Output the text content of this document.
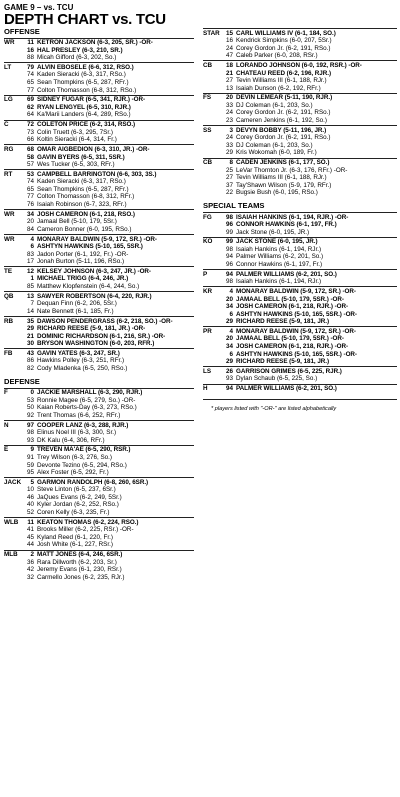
GAME 9 – vs. TCU
DEPTH CHART vs. TCU
OFFENSE
WR	11 KETRON JACKSON (6-3, 205, SR.) -OR-
16 HAL PRESLEY (6-3, 210, SR.)
88 Micah Gifford (6-3, 202, So.)
LT	79 ALVIN EBOSELE (6-6, 312, RSO.)
74 Kaden Sieracki (6-3, 317, RSo.)
65 Sean Thompkins (6-5, 287, RFr.)
77 Colton Thomasson (6-8, 312, RSo.)
LG	69 SIDNEY FUGAR (6-5, 341, RJR.) -OR-
62 RYAN LENGYEL (6-5, 310, RJR.)
64 Ka'Marii Landers (6-4, 289, RSo.)
C	72 COLETON PRICE (6-2, 314, RSO.)
73 Colin Truett (6-3, 295, 7Sr.)
66 Koltin Sieracki (6-4, 314, Fr.)
RG	68 OMAR AIGBEDION (6-3, 310, JR.) -OR-
58 GAVIN BYERS (6-5, 311, 5SR.)
57 Wes Tucker (6-5, 303, RFr.)
RT	53 CAMPBELL BARRINGTON (6-6, 303, 3S.)
74 Kaden Sieracki (6-3, 317, RSo.)
65 Sean Thompkins (6-5, 287, RFr.)
77 Colton Thomasson (6-8, 312, RFr.)
76 Isaiah Robinson (6-7, 323, RFr.)
WR	34 JOSH CAMERON (6-1, 218, RSO.)
20 Jamaal Bell (5-10, 179, 5Sr.)
84 Cameron Bonner (6-0, 195, RSo.)
WR	4 MONARAY BALDWIN (5-9, 172, SR.) -OR-
6 ASHTYN HAWKINS (5-10, 165, 5SR.)
83 Jadon Porter (6-1, 192, Fr.) -OR-
17 Jonah Burton (5-11, 196, RSo.)
TE	12 KELSEY JOHNSON (6-3, 247, JR.) -OR-
1 MICHAEL TRIGG (6-4, 246, JR.)
85 Matthew Klopfenstein (6-4, 244, So.)
QB	13 SAWYER ROBERTSON (6-4, 220, RJR.)
7 Dequan Finn (6-2, 206, 5Sr.)
14 Nate Bennett (6-1, 185, Fr.)
RB	35 DAWSON PENDERGRASS (6-2, 218, SO.) -OR-
29 RICHARD REESE (5-9, 181, JR.) -OR-
21 DOMINIC RICHARDSON (6-1, 216, SR.) -OR-
30 BRYSON WASHINGTON (6-0, 203, RFR.)
FB	43 GAVIN YATES (6-3, 247, SR.)
86 Hawkins Polley (6-3, 251, RFr.)
82 Cody Mladenka (6-5, 250, RSo.)
DEFENSE
F	0 JACKIE MARSHALL (6-3, 290, RJR.)
53 Ronnie Magee (6-5, 279, So.) -OR-
50 Kaian Roberts-Day (6-3, 273, RSo.)
92 Trent Thomas (6-6, 252, RFr.)
N	97 COOPER LANZ (6-3, 288, RJR.)
98 Elinus Noel III (6-3, 300, Sr.)
93 DK Kalu (6-4, 306, RFr.)
E	9 TREVEN MA'AE (6-5, 290, RSR.)
91 Trey Wilson (6-3, 276, So.)
59 Devonte Tezino (6-5, 294, RSo.)
95 Alex Foster (6-5, 292, Fr.)
JACK	5 GARMON RANDOLPH (6-8, 260, 6SR.)
10 Steve Linton (6-5, 237, 6Sr.)
46 JaQues Evans (6-2, 249, 5Sr.)
40 Kyler Jordan (6-2, 252, RSo.)
52 Coren Kelly (6-3, 235, Fr.)
WLB	11 KEATON THOMAS (6-2, 224, RSO.)
41 Brooks Miller (6-2, 225, RSr.) -OR-
45 Kyland Reed (6-1, 220, Fr.)
44 Josh White (6-1, 227, RSr.)
MLB	2 MATT JONES (6-4, 246, 6SR.)
36 Rara Dillworth (6-2, 203, Sr.)
42 Jeremy Evans (6-1, 230, RSr.)
32 Carmello Jones (6-2, 235, RJr.)
STAR 15 CARL WILLIAMS IV (6-1, 184, SO.)
16 Kendrick Simpkins (6-0, 207, 5Sr.)
24 Corey Gordon Jr. (6-2, 191, RSo.)
47 Caleb Parker (6-0, 208, RSr.)
CB	18 LORANDO JOHNSON (6-0, 192, RSR.) -OR-
21 CHATEAU REED (6-2, 196, RJR.)
27 Tevin Williams III (6-1, 188, RJr.)
13 Isaiah Dunson (6-2, 192, RFr.)
FS	20 DEVIN LEMEAR (5-11, 190, RJR.)
33 DJ Coleman (6-1, 203, So.)
24 Corey Gordon Jr. (6-2, 191, RSo.)
23 Cameren Jenkins (6-1, 192, So.)
SS	3 DEVYN BOBBY (5-11, 196, JR.)
24 Corey Gordon Jr. (6-2, 191, RSo.)
33 DJ Coleman (6-1, 203, So.)
29 Kris Wokomah (6-0, 189, Fr.)
CB	8 CADEN JENKINS (6-1, 177, SO.)
25 LeVar Thornton Jr. (6-3, 176, RFr.) -OR-
27 Tevin Williams III (6-1, 188, RJr.)
37 Tay'Shawn Wilson (5-9, 179, RFr.)
22 Bugsie Bush (6-0, 195, RSo.)
SPECIAL TEAMS
FG	98 ISAIAH HANKINS (6-1, 194, RJR.) -OR-
96 CONNOR HAWKINS (6-1, 197, FR.)
99 Jack Stone (6-0, 195, JR.)
KO	99 JACK STONE (6-0, 195, JR.)
98 Isaiah Hankins (6-1, 194, RJr.)
94 Palmer Williams (6-2, 201, So.)
96 Connor Hawkins (6-1, 197, Fr.)
P	94 PALMER WILLIAMS (6-2, 201, SO.)
98 Isaiah Hankins (6-1, 194, RJr.)
KR	4 MONARAY BALDWIN (5-9, 172, SR.) -OR-
20 JAMAAL BELL (5-10, 179, 5SR.) -OR-
34 JOSH CAMERON (6-1, 218, RJR.) -OR-
6 ASHTYN HAWKINS (5-10, 165, 5SR.) -OR-
29 RICHARD REESE (5-9, 181, JR.)
PR	4 MONARAY BALDWIN (5-9, 172, SR.) -OR-
20 JAMAAL BELL (5-10, 179, 5SR.) -OR-
34 JOSH CAMERON (6-1, 218, RJR.) -OR-
6 ASHTYN HAWKINS (5-10, 165, 5SR.) -OR-
29 RICHARD REESE (5-9, 181, JR.)
LS	26 GARRISON GRIMES (6-5, 225, RJR.)
93 Dylan Schaub (6-5, 225, So.)
H	94 PALMER WILLIAMS (6-2, 201, SO.)
* players listed with "-OR-" are listed alphabetically
